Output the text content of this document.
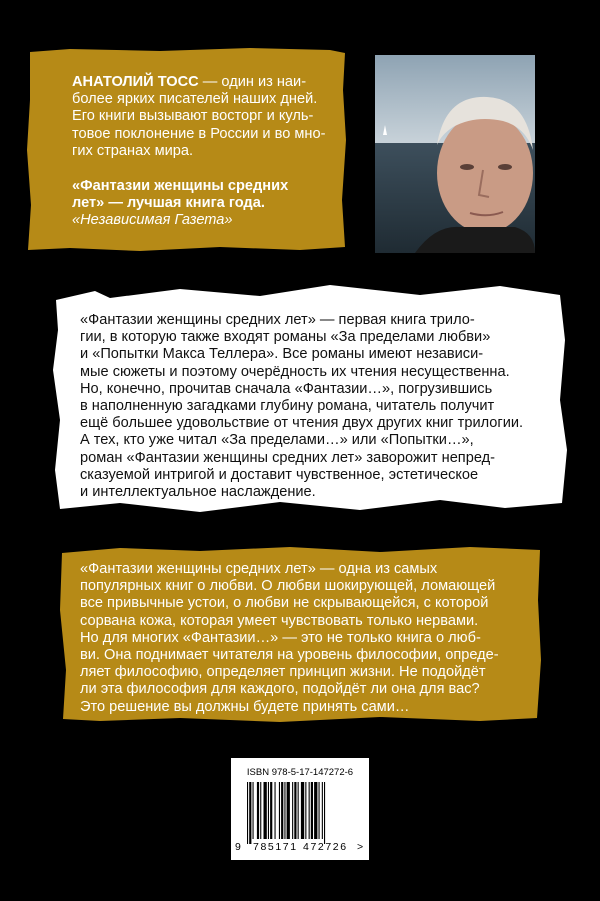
АНАТОЛИЙ ТОСС — один из наи-
более ярких писателей наших дней.
Его книги вызывают восторг и куль-
товое поклонение в России и во мно-
гих странах мира.
«Фантазии женщины средних
лет» — лучшая книга года.
«Независимая Газета»
«Фантазии женщины средних лет» — первая книга трило-
гии, в которую также входят романы «За пределами любви»
и «Попытки Макса Теллера». Все романы имеют независи-
мые сюжеты и поэтому очерёдность их чтения несущественна.
Но, конечно, прочитав сначала «Фантазии…», погрузившись
в наполненную загадками глубину романа, читатель получит
ещё большее удовольствие от чтения двух других книг трилогии.
А тех, кто уже читал «За пределами…» или «Попытки…»,
роман «Фантазии женщины средних лет» заворожит непред-
сказуемой интригой и доставит чувственное, эстетическое
и интеллектуальное наслаждение.
«Фантазии женщины средних лет» — одна из самых
популярных книг о любви. О любви шокирующей, ломающей
все привычные устои, о любви не скрывающейся, с которой
сорвана кожа, которая умеет чувствовать только нервами.
Но для многих «Фантазии…» — это не только книга о люб-
ви. Она поднимает читателя на уровень философии, опреде-
ляет философию, определяет принцип жизни. Не подойдёт
ли эта философия для каждого, подойдёт ли она для вас?
Это решение вы должны будете принять сами…
ISBN 978-5-17-147272-6
9 785171 472726 >
